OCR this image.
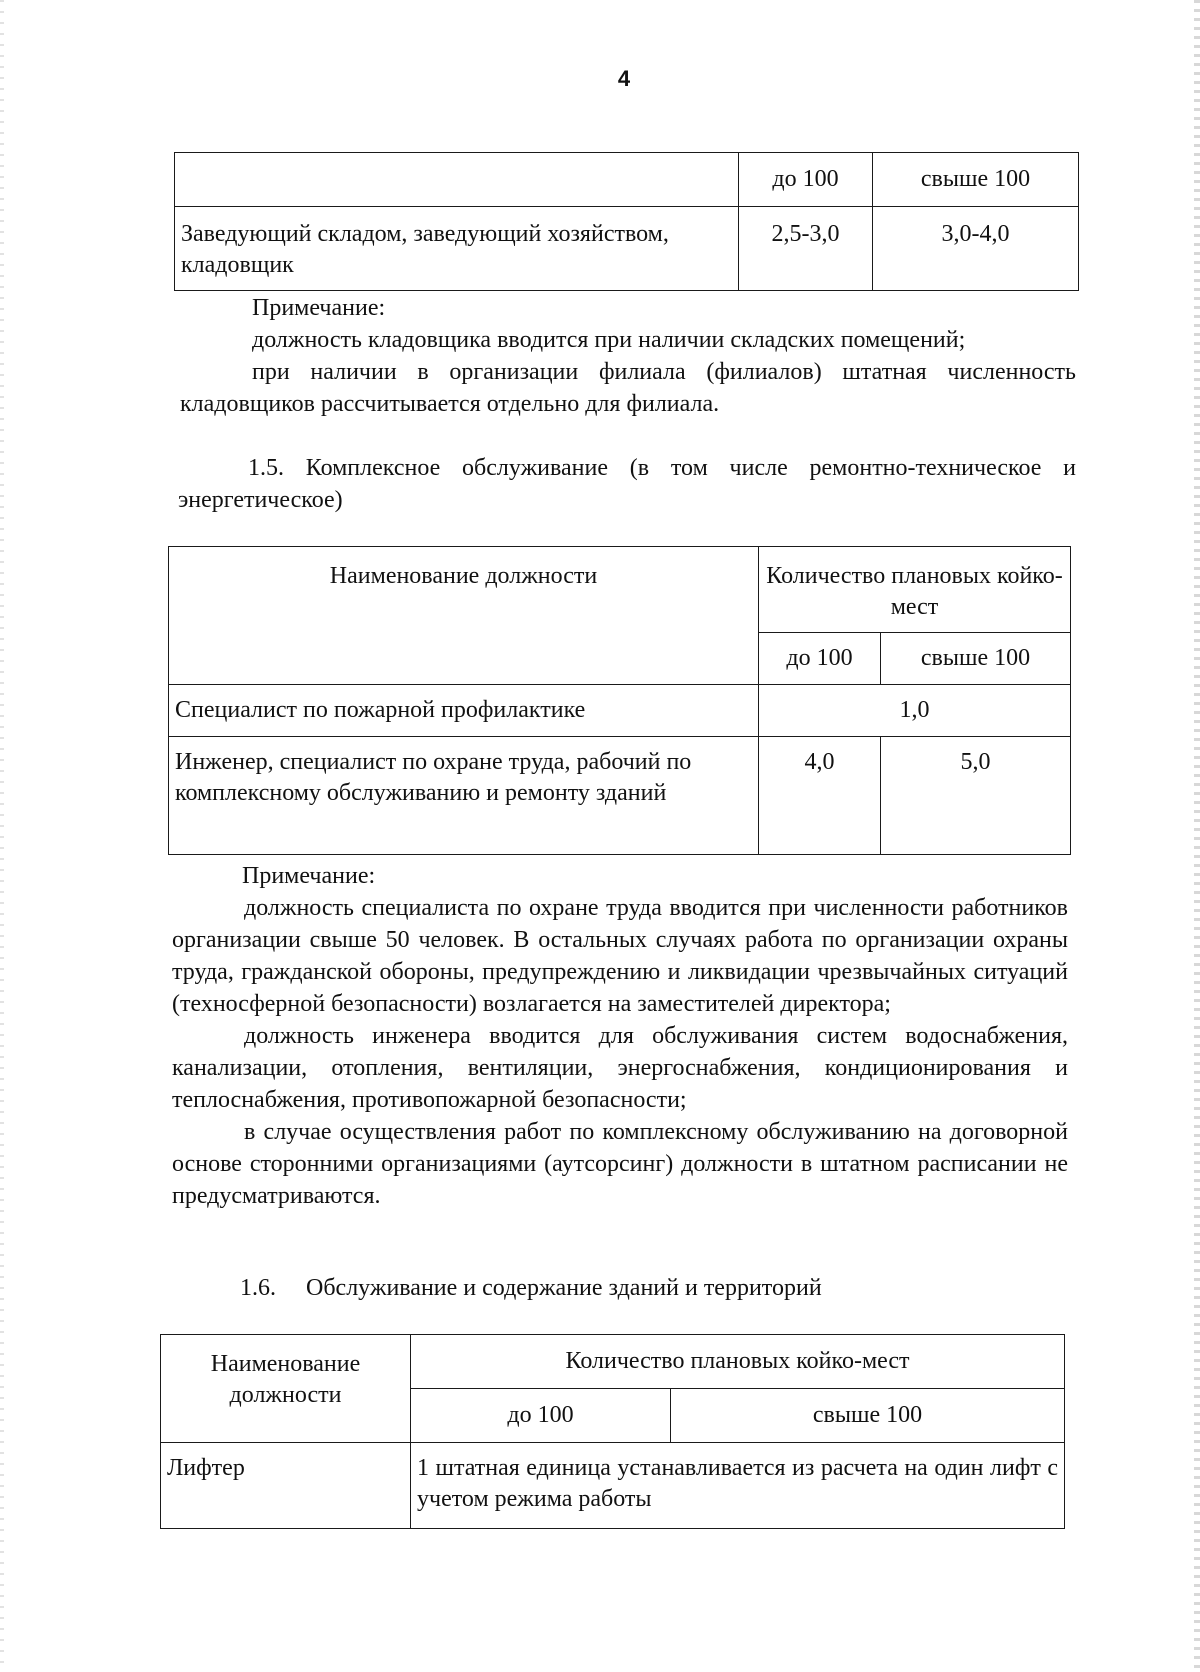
4
	до 100	свыше 100
Заведующий складом, заведующий хозяйством, кладовщик	2,5-3,0	3,0-4,0

Примечание:

должность кладовщика вводится при наличии складских помещений;

при наличии в организации филиала (филиалов) штатная численность кладовщиков рассчитывается отдельно для филиала.

1.5. Комплексное обслуживание (в том числе ремонтно-техническое и энергетическое)
Наименование должности	Количество плановых койко-мест	
	до 100	свыше 100
Специалист по пожарной профилактике	1,0	
Инженер, специалист по охране труда, рабочий по комплексному обслуживанию и ремонту зданий	4,0	5,0

Примечание:

должность специалиста по охране труда вводится при численности работников организации свыше 50 человек. В остальных случаях работа по организации охраны труда, гражданской обороны, предупреждению и ликвидации чрезвычайных ситуаций (техносферной безопасности) возлагается на заместителей директора;

должность инженера вводится для обслуживания систем водоснабжения, канализации, отопления, вентиляции, энергоснабжения, кондиционирования и теплоснабжения, противопожарной безопасности;

в случае осуществления работ по комплексному обслуживанию на договорной основе сторонними организациями (аутсорсинг) должности в штатном расписании не предусматриваются.

1.6. Обслуживание и содержание зданий и территорий
Наименование должности	Количество плановых койко-мест	
	до 100	свыше 100
Лифтер	1 штатная единица устанавливается из расчета на один лифт с учетом режима работы	
